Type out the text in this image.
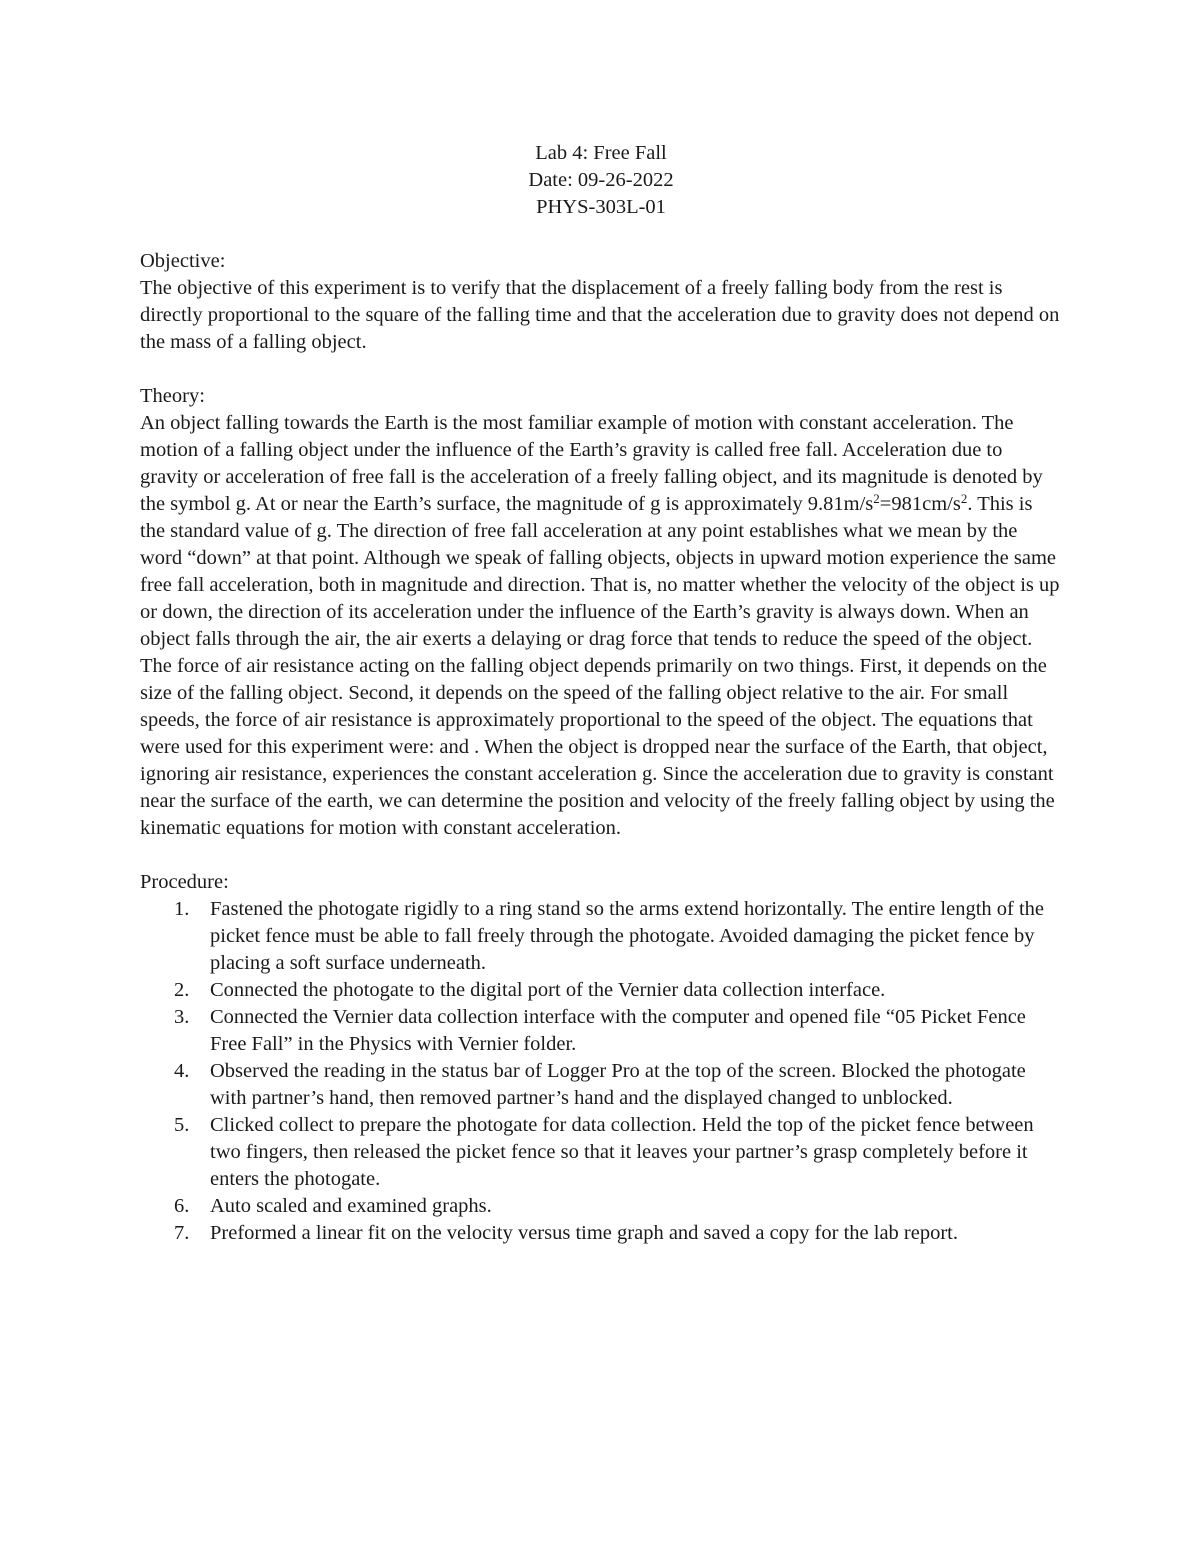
Lab 4: Free Fall
Date: 09-26-2022
PHYS-303L-01
Objective:
The objective of this experiment is to verify that the displacement of a freely falling body from the rest is directly proportional to the square of the falling time and that the acceleration due to gravity does not depend on the mass of a falling object.
Theory:
An object falling towards the Earth is the most familiar example of motion with constant acceleration. The motion of a falling object under the influence of the Earth’s gravity is called free fall. Acceleration due to gravity or acceleration of free fall is the acceleration of a freely falling object, and its magnitude is denoted by the symbol g. At or near the Earth’s surface, the magnitude of g is approximately $9.81m/s^2=981cm/s^2$. This is the standard value of g. The direction of free fall acceleration at any point establishes what we mean by the word “down” at that point. Although we speak of falling objects, objects in upward motion experience the same free fall acceleration, both in magnitude and direction. That is, no matter whether the velocity of the object is up or down, the direction of its acceleration under the influence of the Earth’s gravity is always down. When an object falls through the air, the air exerts a delaying or drag force that tends to reduce the speed of the object. The force of air resistance acting on the falling object depends primarily on two things. First, it depends on the size of the falling object. Second, it depends on the speed of the falling object relative to the air. For small speeds, the force of air resistance is approximately proportional to the speed of the object. The equations that were used for this experiment were: and . When the object is dropped near the surface of the Earth, that object, ignoring air resistance, experiences the constant acceleration g. Since the acceleration due to gravity is constant near the surface of the earth, we can determine the position and velocity of the freely falling object by using the kinematic equations for motion with constant acceleration.
Procedure:
1.	Fastened the photogate rigidly to a ring stand so the arms extend horizontally. The entire length of the picket fence must be able to fall freely through the photogate. Avoided damaging the picket fence by placing a soft surface underneath.
2.	Connected the photogate to the digital port of the Vernier data collection interface.
3.	Connected the Vernier data collection interface with the computer and opened file “05 Picket Fence Free Fall” in the Physics with Vernier folder.
4.	Observed the reading in the status bar of Logger Pro at the top of the screen. Blocked the photogate with partner’s hand, then removed partner’s hand and the displayed changed to unblocked.
5.	Clicked collect to prepare the photogate for data collection. Held the top of the picket fence between two fingers, then released the picket fence so that it leaves your partner’s grasp completely before it enters the photogate.
6.	Auto scaled and examined graphs.
7.	Preformed a linear fit on the velocity versus time graph and saved a copy for the lab report.
